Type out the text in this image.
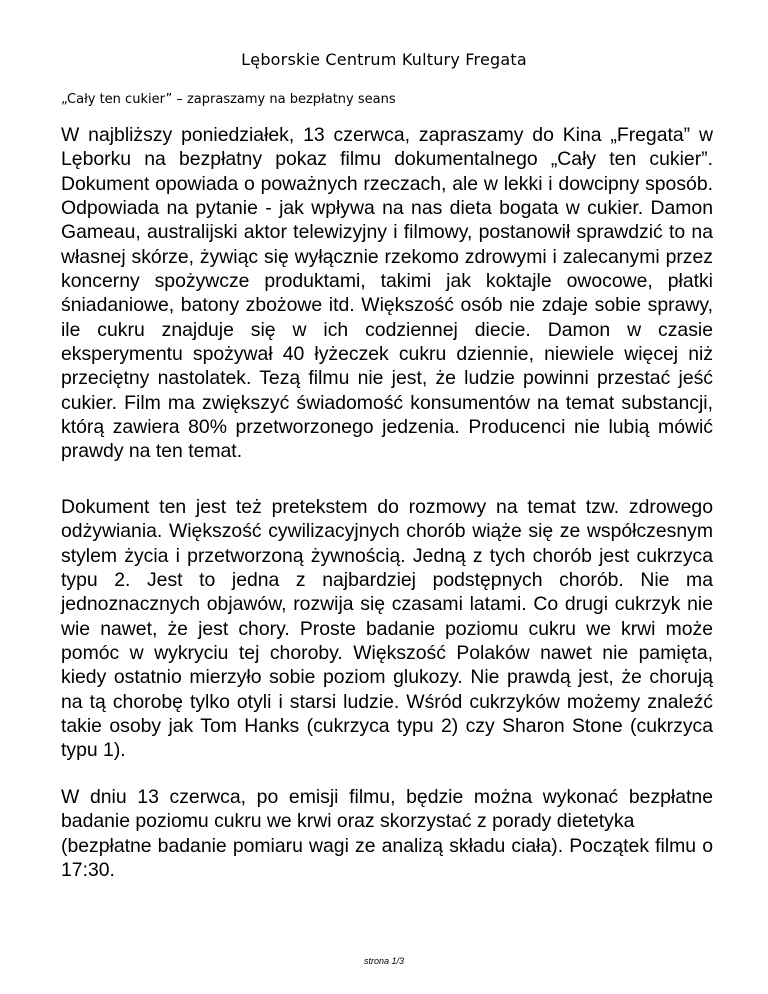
Lęborskie Centrum Kultury Fregata
„Cały ten cukier” – zapraszamy na bezpłatny seans

W najbliższy poniedziałek, 13 czerwca, zapraszamy do Kina „Fregata” w Lęborku na bezpłatny pokaz filmu dokumentalnego „Cały ten cukier”. Dokument opowiada o poważnych rzeczach, ale w lekki i dowcipny sposób. Odpowiada na pytanie - jak wpływa na nas dieta bogata w cukier. Damon Gameau, australijski aktor telewizyjny i filmowy, postanowił sprawdzić to na własnej skórze, żywiąc się wyłącznie rzekomo zdrowymi i zalecanymi przez koncerny spożywcze produktami, takimi jak koktajle owocowe, płatki śniadaniowe, batony zbożowe itd. Większość osób nie zdaje sobie sprawy, ile cukru znajduje się w ich codziennej diecie. Damon w czasie eksperymentu spożywał 40 łyżeczek cukru dziennie, niewiele więcej niż przeciętny nastolatek. Tezą filmu nie jest, że ludzie powinni przestać jeść cukier. Film ma zwiększyć świadomość konsumentów na temat substancji, którą zawiera 80% przetworzonego jedzenia. Producenci nie lubią mówić prawdy na ten temat.

Dokument ten jest też pretekstem do rozmowy na temat tzw. zdrowego odżywiania. Większość cywilizacyjnych chorób wiąże się ze współczesnym stylem życia i przetworzoną żywnością. Jedną z tych chorób jest cukrzyca typu 2. Jest to jedna z najbardziej podstępnych chorób. Nie ma jednoznacznych objawów, rozwija się czasami latami. Co drugi cukrzyk nie wie nawet, że jest chory. Proste badanie poziomu cukru we krwi może pomóc w wykryciu tej choroby. Większość Polaków nawet nie pamięta, kiedy ostatnio mierzyło sobie poziom glukozy. Nie prawdą jest, że chorują na tą chorobę tylko otyli i starsi ludzie. Wśród cukrzyków możemy znaleźć takie osoby jak Tom Hanks (cukrzyca typu 2) czy Sharon Stone (cukrzyca typu 1).

W dniu 13 czerwca, po emisji filmu, będzie można wykonać bezpłatne badanie poziomu cukru we krwi oraz skorzystać z porady dietetyka
(bezpłatne badanie pomiaru wagi ze analizą składu ciała). Początek filmu o 17:30.

strona 1/3
